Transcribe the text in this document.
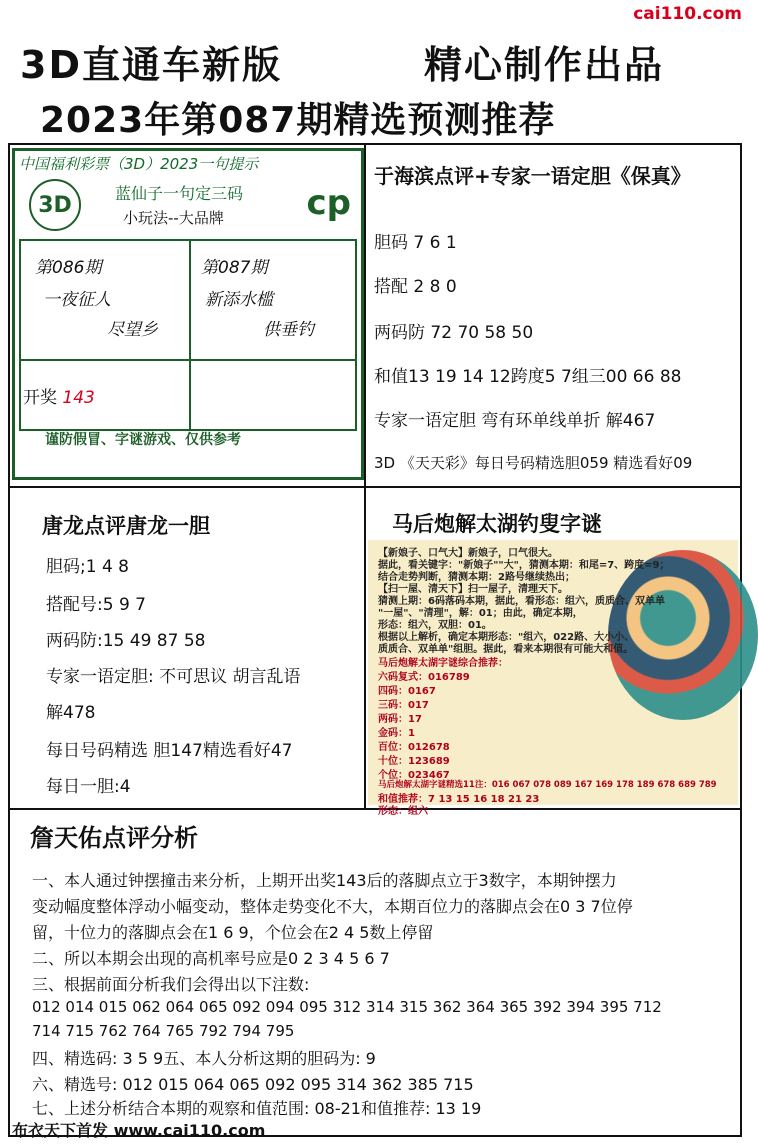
cai110.com
3D直通车新版	精心制作出品
2023年第087期精选预测推荐
中国福利彩票（3D）2023一句提示
3D	cp
蓝仙子一句定三码
小玩法--大品牌
第086期
一夜征人
尽望乡
第087期
新添水槛
供垂钓
开奖 143
谨防假冒、字谜游戏、仅供参考
于海滨点评+专家一语定胆《保真》
胆码 7 6 1
搭配 2 8 0
两码防 72 70 58 50
和值13 19 14 12跨度5 7组三00 66 88
专家一语定胆 弯有环单线单折 解467
3D 《天天彩》每日号码精选胆059 精选看好09
唐龙点评唐龙一胆
胆码;1 4 8
搭配号:5 9 7
两码防:15 49 87 58
专家一语定胆: 不可思议 胡言乱语
解478
每日号码精选 胆147精选看好47
每日一胆:4
马后炮解太湖钓叟字谜
【新娘子、口气大】新娘子，口气很大。
据此，看关键字："新娘子""大"，猜测本期：和尾=7、跨度=9；
结合走势判断，猜测本期：2路号继续热出；
【扫一屋、清天下】扫一屋子，清理天下。
猜测上期：6码落码本期，据此，看形态：组六，质质合、双单单
"一屋"、"清理"，解：01；由此，确定本期，
形态：组六，双胆：01。
根据以上解析，确定本期形态："组六，022路、大小小、
质质合、双单单"组胆。据此，看来本期很有可能大和值。
马后炮解太湖字谜综合推荐：
六码复式：016789
四码：0167
三码：017
两码：17
金码：1
百位：012678
十位：123689
个位：023467
马后炮解太湖字谜精选11注：016 067 078 089 167 169 178 189 678 689 789
和值推荐：7 13 15 16 18 21 23
形态：组六
詹天佑点评分析
一、本人通过钟摆撞击来分析，上期开出奖143后的落脚点立于3数字，本期钟摆力
变动幅度整体浮动小幅变动，整体走势变化不大，本期百位力的落脚点会在0 3 7位停
留，十位力的落脚点会在1 6 9，个位会在2 4 5数上停留
二、所以本期会出现的高机率号应是0 2 3 4 5 6 7
三、根据前面分析我们会得出以下注数:
012 014 015 062 064 065 092 094 095 312 314 315 362 364 365 392 394 395 712
714 715 762 764 765 792 794 795
四、精选码: 3 5 9五、本人分析这期的胆码为: 9
六、精选号: 012 015 064 065 092 095 314 362 385 715
七、上述分析结合本期的观察和值范围: 08-21和值推荐: 13 19
布衣天下首发 www.cai110.com
